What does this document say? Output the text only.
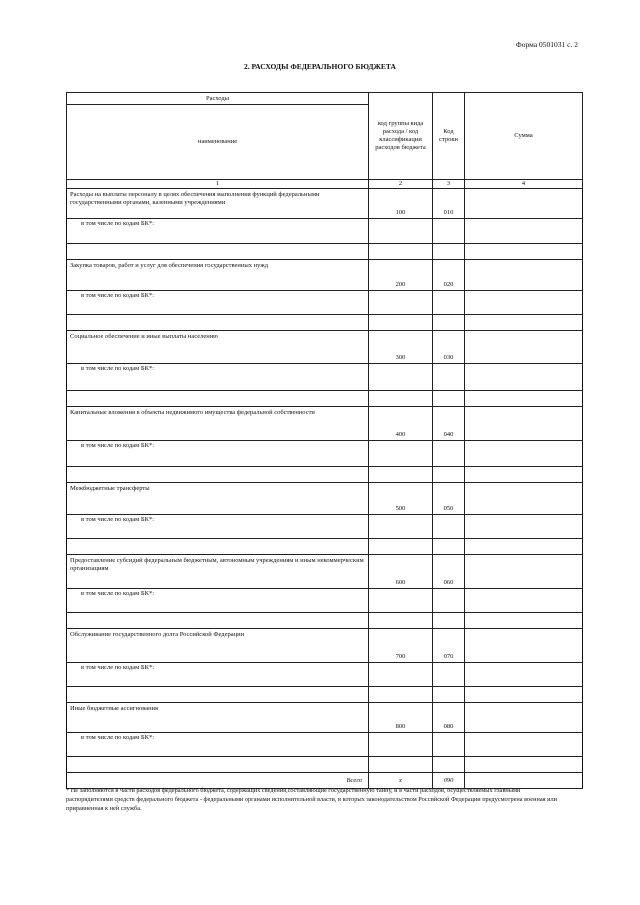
Форма 0501031 с. 2
2. РАСХОДЫ ФЕДЕРАЛЬНОГО БЮДЖЕТА
Расходы	код группы вида расхода / код классификации расходов бюджета	Код строки	Сумма
наименование			
1	2	3	4
Расходы на выплаты персоналу в целях обеспечения выполнения функций федеральными государственными органами, казенными учреждениями	100	010	
в том числе по кодам БК*:			

Закупка товаров, работ и услуг для обеспечения государственных нужд	200	020	
в том числе по кодам БК*:			

Социальное обеспечение и иные выплаты населению	300	030	
в том числе по кодам БК*:			

Капитальные вложения в объекты недвижимого имущества федеральной собственности	400	040	
в том числе по кодам БК*:			

Межбюджетные трансферты	500	050	
в том числе по кодам БК*:			

Предоставление субсидий федеральным бюджетным, автономным учреждениям и иным некоммерческим организациям	600	060	
в том числе по кодам БК*:			

Обслуживание государственного долга Российской Федерации	700	070	
в том числе по кодам БК*:			

Иные бюджетные ассигнования	800	080	
в том числе по кодам БК*:			

Всего	x	090	
* Не заполняются в части расходов федерального бюджета, содержащих сведения,составляющие государственную тайну, и в части расходов, осуществляемых главными распорядителями средств федерального бюджета - федеральными органами исполнительной власти, в которых законодательством Российской Федерации предусмотрена военная или приравненная к ней служба.
